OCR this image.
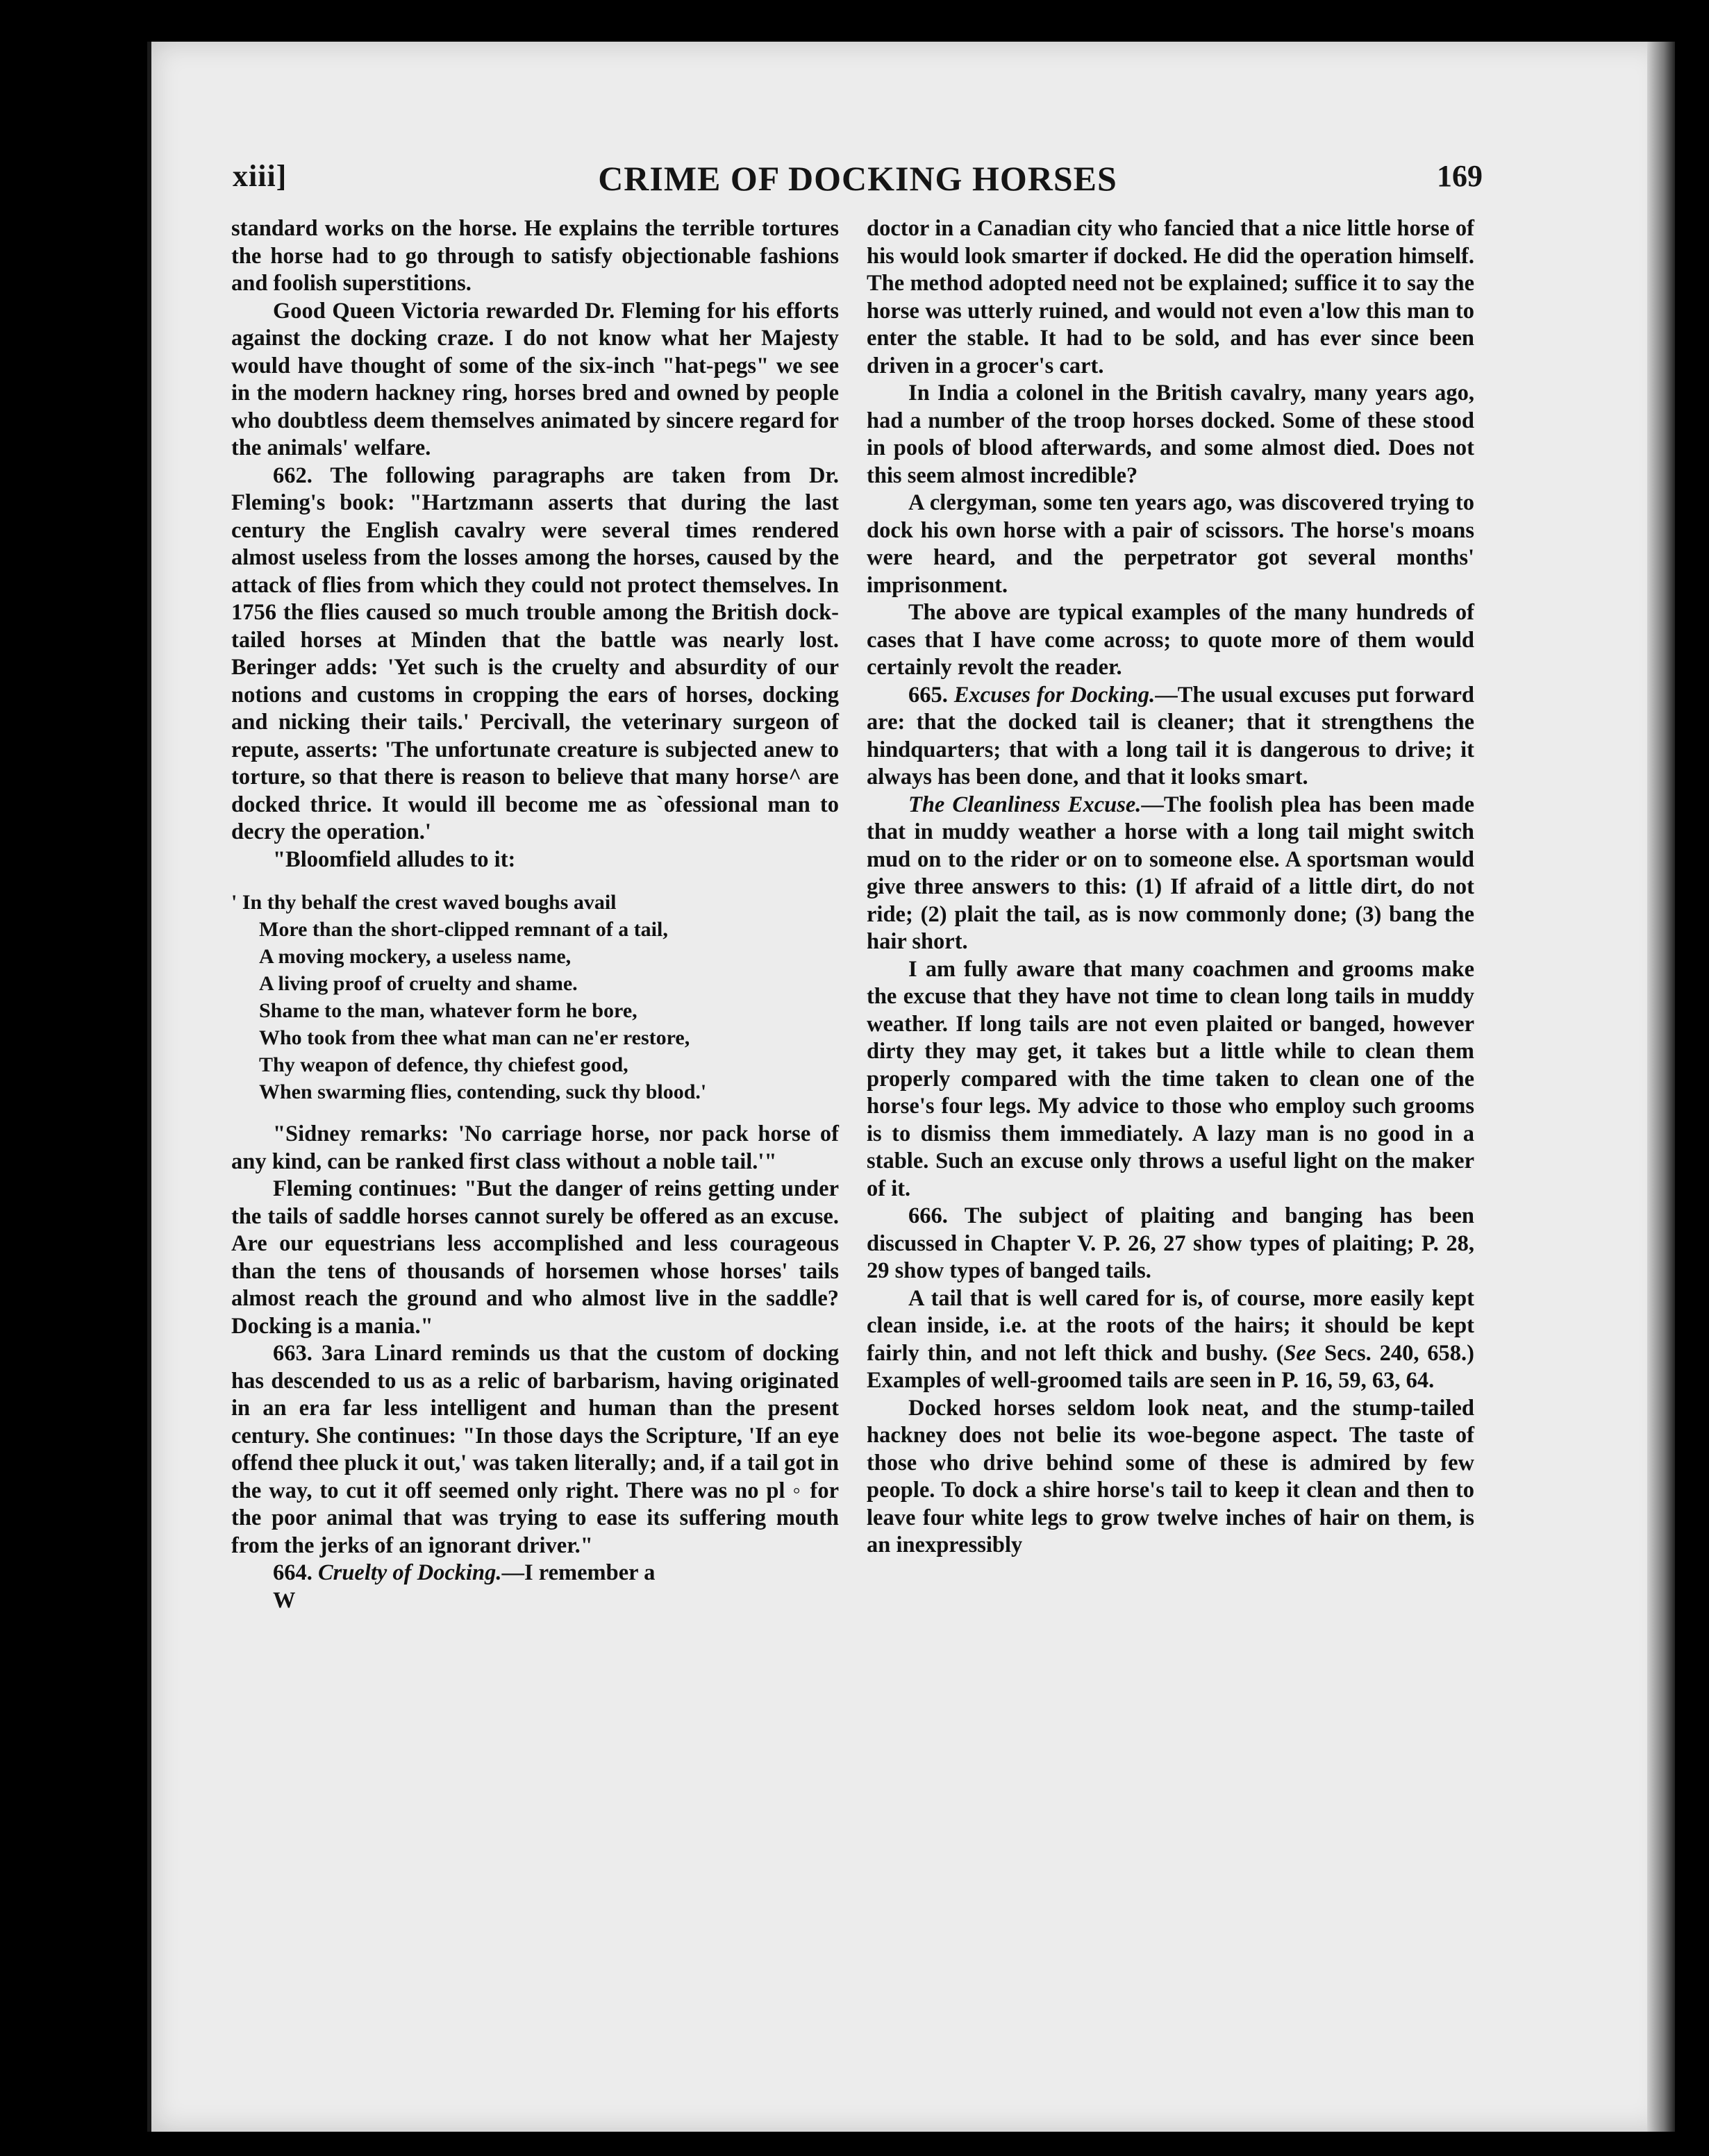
CRIME OF DOCKING HORSES
xiii]	169

standard works on the horse. He explains the terrible tortures the horse had to go through to satisfy objectionable fashions and foolish superstitions.

Good Queen Victoria rewarded Dr. Fleming for his efforts against the docking craze. I do not know what her Majesty would have thought of some of the six-inch "hat-pegs" we see in the modern hackney ring, horses bred and owned by people who doubtless deem themselves animated by sincere regard for the animals' welfare.

662. The following paragraphs are taken from Dr. Fleming's book: "Hartzmann asserts that during the last century the English cavalry were several times rendered almost useless from the losses among the horses, caused by the attack of flies from which they could not protect themselves. In 1756 the flies caused so much trouble among the British dock-tailed horses at Minden that the battle was nearly lost. Beringer adds: 'Yet such is the cruelty and absurdity of our notions and customs in cropping the ears of horses, docking and nicking their tails.' Percivall, the veterinary surgeon of repute, asserts: 'The unfortunate creature is subjected anew to torture, so that there is reason to believe that many horse^ are docked thrice. It would ill become me as `ofessional man to decry the operation.'

"Bloomfield alludes to it:

' In thy behalf the crest waved boughs avail
More than the short-clipped remnant of a tail,
A moving mockery, a useless name,
A living proof of cruelty and shame.
Shame to the man, whatever form he bore,
Who took from thee what man can ne'er restore,
Thy weapon of defence, thy chiefest good,
When swarming flies, contending, suck thy blood.'

"Sidney remarks: 'No carriage horse, nor pack horse of any kind, can be ranked first class without a noble tail.'"

Fleming continues: "But the danger of reins getting under the tails of saddle horses cannot surely be offered as an excuse. Are our equestrians less accomplished and less courageous than the tens of thousands of horsemen whose horses' tails almost reach the ground and who almost live in the saddle? Docking is a mania."

663. 3ara Linard reminds us that the custom of docking has descended to us as a relic of barbarism, having originated in an era far less intelligent and human than the present century. She continues: "In those days the Scripture, 'If an eye offend thee pluck it out,' was taken literally; and, if a tail got in the way, to cut it off seemed only right. There was no pl ◦ for the poor animal that was trying to ease its suffering mouth from the jerks of an ignorant driver."

664. Cruelty of Docking.—I remember a

W

doctor in a Canadian city who fancied that a nice little horse of his would look smarter if docked. He did the operation himself. The method adopted need not be explained; suffice it to say the horse was utterly ruined, and would not even a'low this man to enter the stable. It had to be sold, and has ever since been driven in a grocer's cart.

In India a colonel in the British cavalry, many years ago, had a number of the troop horses docked. Some of these stood in pools of blood afterwards, and some almost died. Does not this seem almost incredible?

A clergyman, some ten years ago, was discovered trying to dock his own horse with a pair of scissors. The horse's moans were heard, and the perpetrator got several months' imprisonment.

The above are typical examples of the many hundreds of cases that I have come across; to quote more of them would certainly revolt the reader.

665. Excuses for Docking.—The usual excuses put forward are: that the docked tail is cleaner; that it strengthens the hindquarters; that with a long tail it is dangerous to drive; it always has been done, and that it looks smart.

The Cleanliness Excuse.—The foolish plea has been made that in muddy weather a horse with a long tail might switch mud on to the rider or on to someone else. A sportsman would give three answers to this: (1) If afraid of a little dirt, do not ride; (2) plait the tail, as is now commonly done; (3) bang the hair short.

I am fully aware that many coachmen and grooms make the excuse that they have not time to clean long tails in muddy weather. If long tails are not even plaited or banged, however dirty they may get, it takes but a little while to clean them properly compared with the time taken to clean one of the horse's four legs. My advice to those who employ such grooms is to dismiss them immediately. A lazy man is no good in a stable. Such an excuse only throws a useful light on the maker of it.

666. The subject of plaiting and banging has been discussed in Chapter V. P. 26, 27 show types of plaiting; P. 28, 29 show types of banged tails.

A tail that is well cared for is, of course, more easily kept clean inside, i.e. at the roots of the hairs; it should be kept fairly thin, and not left thick and bushy. (See Secs. 240, 658.) Examples of well-groomed tails are seen in P. 16, 59, 63, 64.

Docked horses seldom look neat, and the stump-tailed hackney does not belie its woe-begone aspect. The taste of those who drive behind some of these is admired by few people. To dock a shire horse's tail to keep it clean and then to leave four white legs to grow twelve inches of hair on them, is an inexpressibly
